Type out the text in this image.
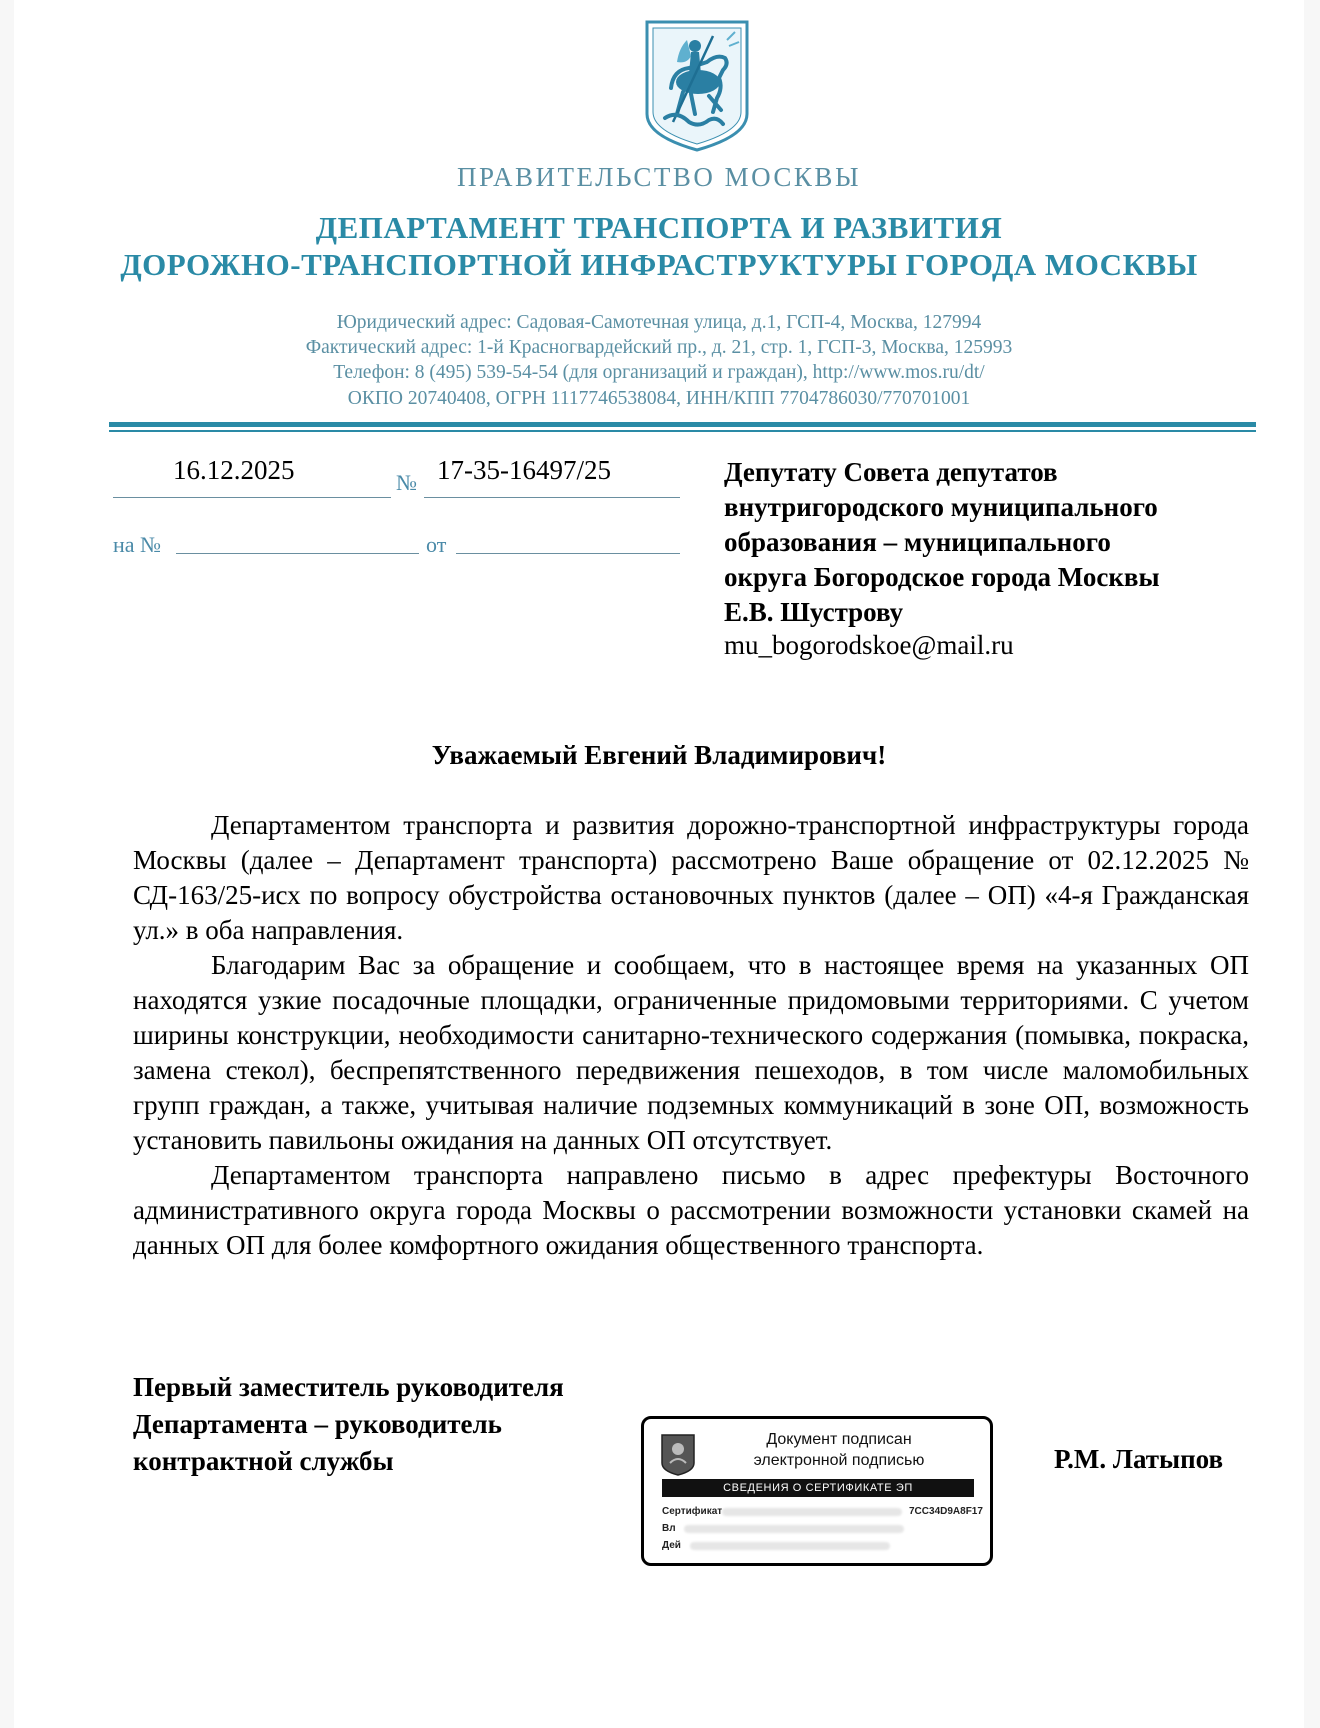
ПРАВИТЕЛЬСТВО МОСКВЫ
ДЕПАРТАМЕНТ ТРАНСПОРТА И РАЗВИТИЯ
ДОРОЖНО-ТРАНСПОРТНОЙ ИНФРАСТРУКТУРЫ ГОРОДА МОСКВЫ
Юридический адрес: Садовая-Самотечная улица, д.1, ГСП-4, Москва, 127994
Фактический адрес: 1-й Красногвардейский пр., д. 21, стр. 1, ГСП-3, Москва, 125993
Телефон: 8 (495) 539-54-54 (для организаций и граждан), http://www.mos.ru/dt/
ОКПО 20740408, ОГРН 1117746538084, ИНН/КПП 7704786030/770701001
16.12.2025	№ 17-35-16497/25
на №	от
Депутату Совета депутатов
внутригородского муниципального
образования – муниципального
округа Богородское города Москвы
Е.В. Шустрову
mu_bogorodskoe@mail.ru
Уважаемый Евгений Владимирович!

Департаментом транспорта и развития дорожно-транспортной инфраструктуры города Москвы (далее – Департамент транспорта) рассмотрено Ваше обращение от 02.12.2025 № СД-163/25-исх по вопросу обустройства остановочных пунктов (далее – ОП) «4-я Гражданская ул.» в оба направления.

Благодарим Вас за обращение и сообщаем, что в настоящее время на указанных ОП находятся узкие посадочные площадки, ограниченные придомовыми территориями. С учетом ширины конструкции, необходимости санитарно-технического содержания (помывка, покраска, замена стекол), беспрепятственного передвижения пешеходов, в том числе маломобильных групп граждан, а также, учитывая наличие подземных коммуникаций в зоне ОП, возможность установить павильоны ожидания на данных ОП отсутствует.

Департаментом транспорта направлено письмо в адрес префектуры Восточного административного округа города Москвы о рассмотрении возможности установки скамей на данных ОП для более комфортного ожидания общественного транспорта.

Первый заместитель руководителя
Департамента – руководитель
контрактной службы
Документ подписан
электронной подписью
СВЕДЕНИЯ О СЕРТИФИКАТЕ ЭП
Сертификат	7CC34D9A8F17
Вл
Дей
Р.М. Латыпов
